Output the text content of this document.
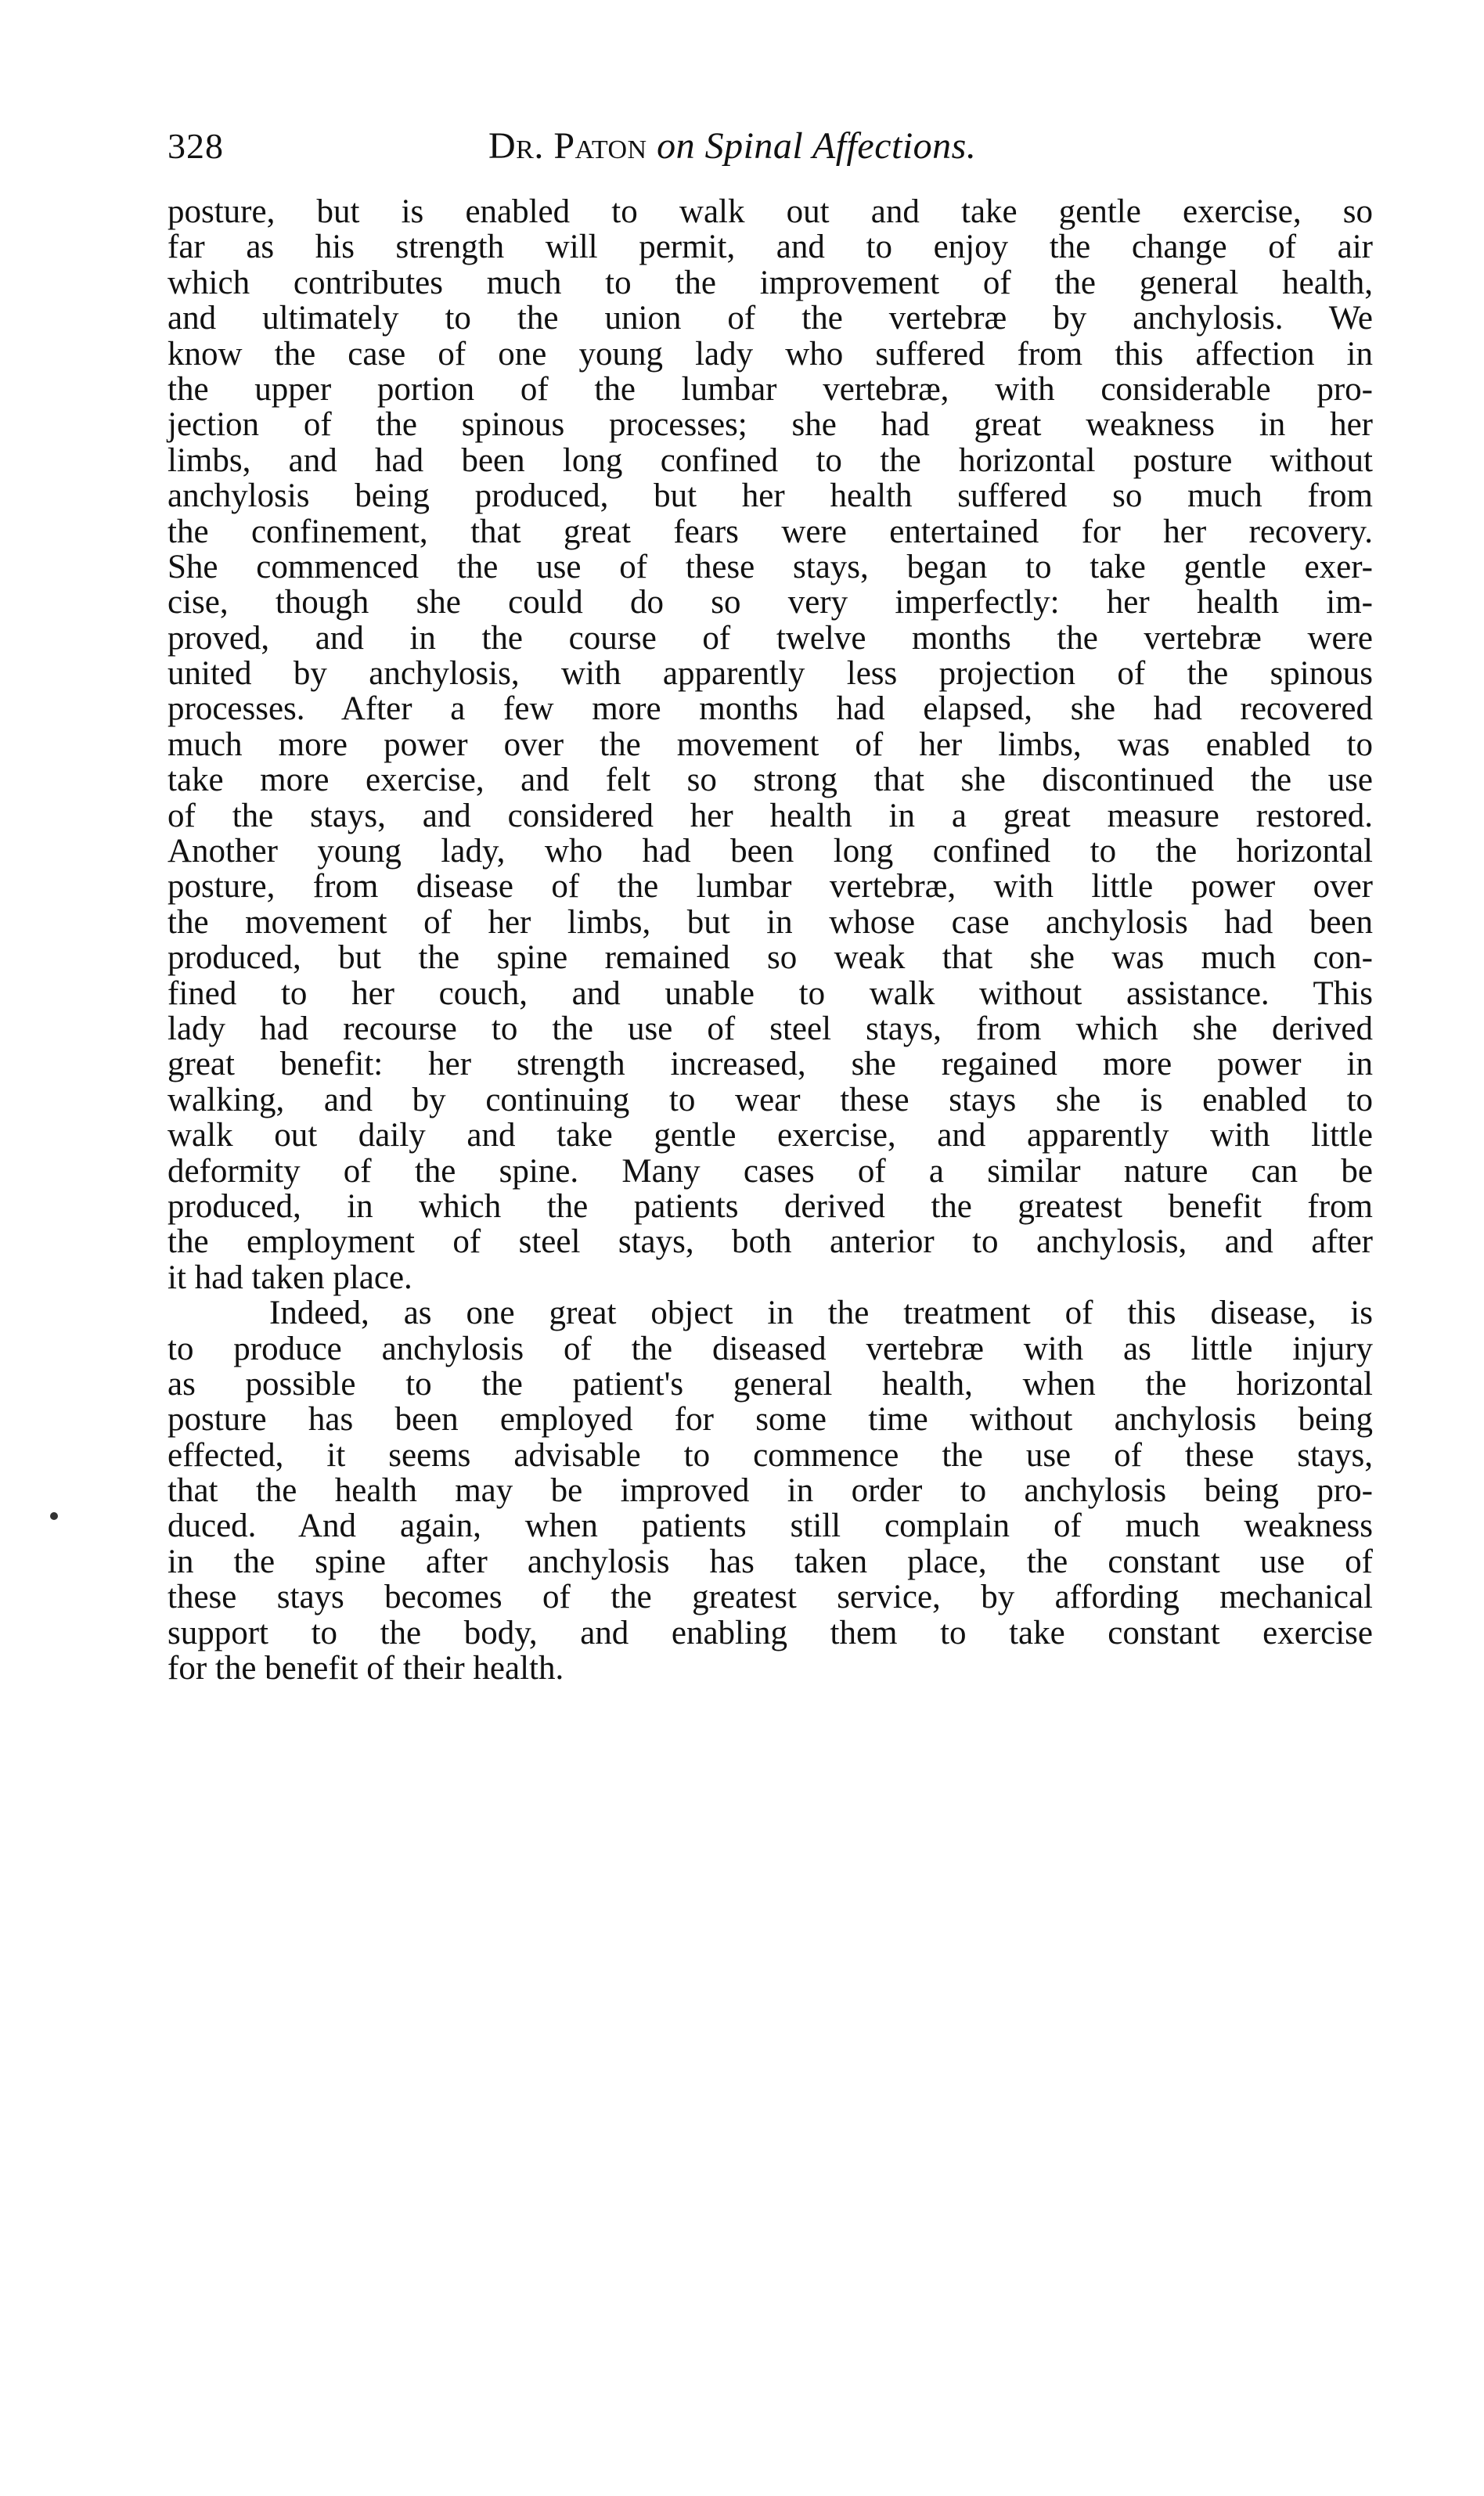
328	Dr. Paton on Spinal Affections.
posture, but is enabled to walk out and take gentle exercise, so
far as his strength will permit, and to enjoy the change of air
which contributes much to the improvement of the general health,
and ultimately to the union of the vertebræ by anchylosis. We
know the case of one young lady who suffered from this affection in
the upper portion of the lumbar vertebræ, with considerable pro-
jection of the spinous processes; she had great weakness in her
limbs, and had been long confined to the horizontal posture without
anchylosis being produced, but her health suffered so much from
the confinement, that great fears were entertained for her recovery.
She commenced the use of these stays, began to take gentle exer-
cise, though she could do so very imperfectly: her health im-
proved, and in the course of twelve months the vertebræ were
united by anchylosis, with apparently less projection of the spinous
processes. After a few more months had elapsed, she had recovered
much more power over the movement of her limbs, was enabled to
take more exercise, and felt so strong that she discontinued the use
of the stays, and considered her health in a great measure restored.
Another young lady, who had been long confined to the horizontal
posture, from disease of the lumbar vertebræ, with little power over
the movement of her limbs, but in whose case anchylosis had been
produced, but the spine remained so weak that she was much con-
fined to her couch, and unable to walk without assistance. This
lady had recourse to the use of steel stays, from which she derived
great benefit: her strength increased, she regained more power in
walking, and by continuing to wear these stays she is enabled to
walk out daily and take gentle exercise, and apparently with little
deformity of the spine. Many cases of a similar nature can be
produced, in which the patients derived the greatest benefit from
the employment of steel stays, both anterior to anchylosis, and after
it had taken place.
Indeed, as one great object in the treatment of this disease, is
to produce anchylosis of the diseased vertebræ with as little injury
as possible to the patient's general health, when the horizontal
posture has been employed for some time without anchylosis being
effected, it seems advisable to commence the use of these stays,
that the health may be improved in order to anchylosis being pro-
duced. And again, when patients still complain of much weakness
in the spine after anchylosis has taken place, the constant use of
these stays becomes of the greatest service, by affording mechanical
support to the body, and enabling them to take constant exercise
for the benefit of their health.
